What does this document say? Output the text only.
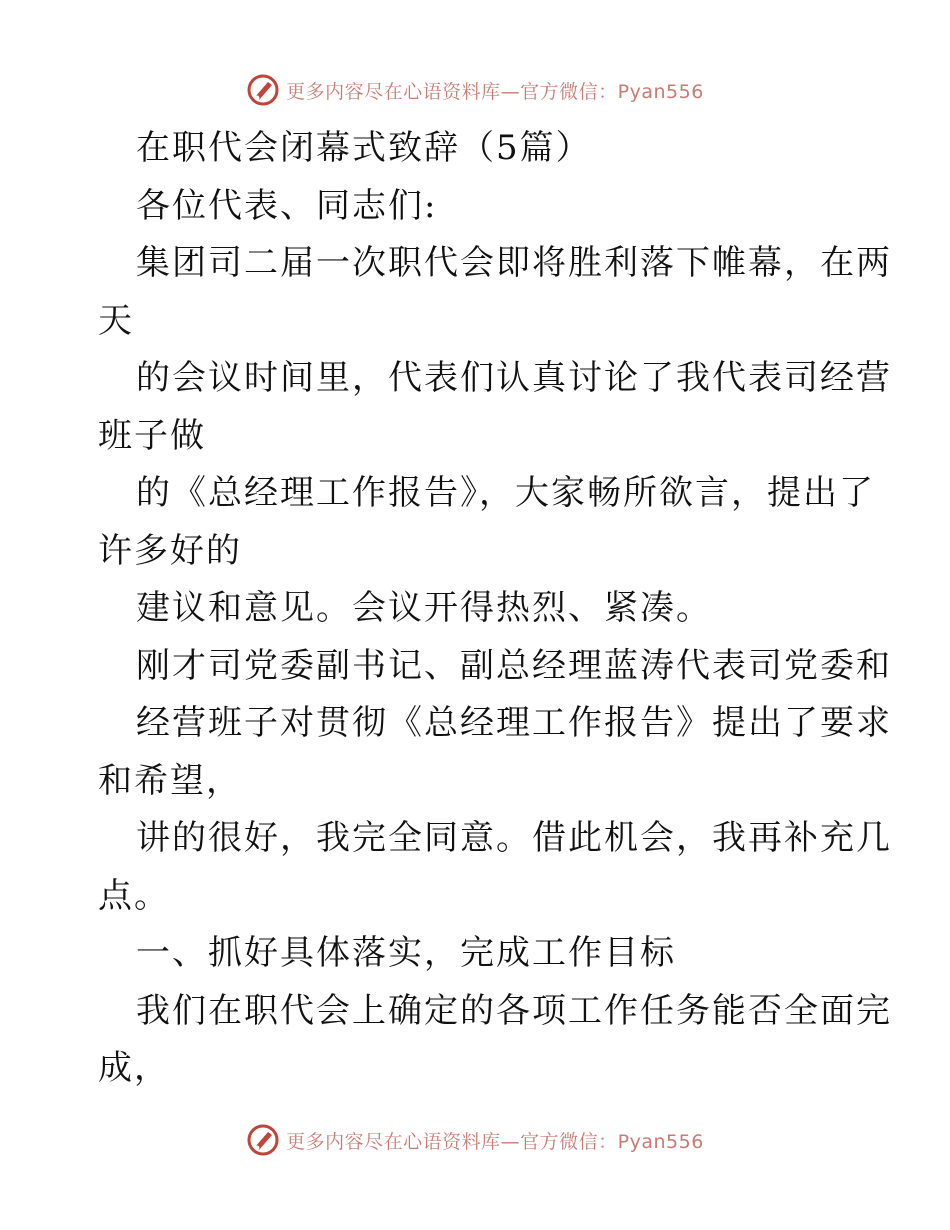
更多内容尽在心语资料库—官方微信：Pyan556
在职代会闭幕式致辞（5篇）
各位代表、同志们:
集团司二届一次职代会即将胜利落下帷幕，在两
天
的会议时间里，代表们认真讨论了我代表司经营
班子做
的《总经理工作报告》，大家畅所欲言，提出了
许多好的
建议和意见。会议开得热烈、紧凑。
刚才司党委副书记、副总经理蓝涛代表司党委和
经营班子对贯彻《总经理工作报告》提出了要求
和希望，
讲的很好，我完全同意。借此机会，我再补充几
点。
一、抓好具体落实，完成工作目标
我们在职代会上确定的各项工作任务能否全面完
成，
更多内容尽在心语资料库—官方微信：Pyan556
